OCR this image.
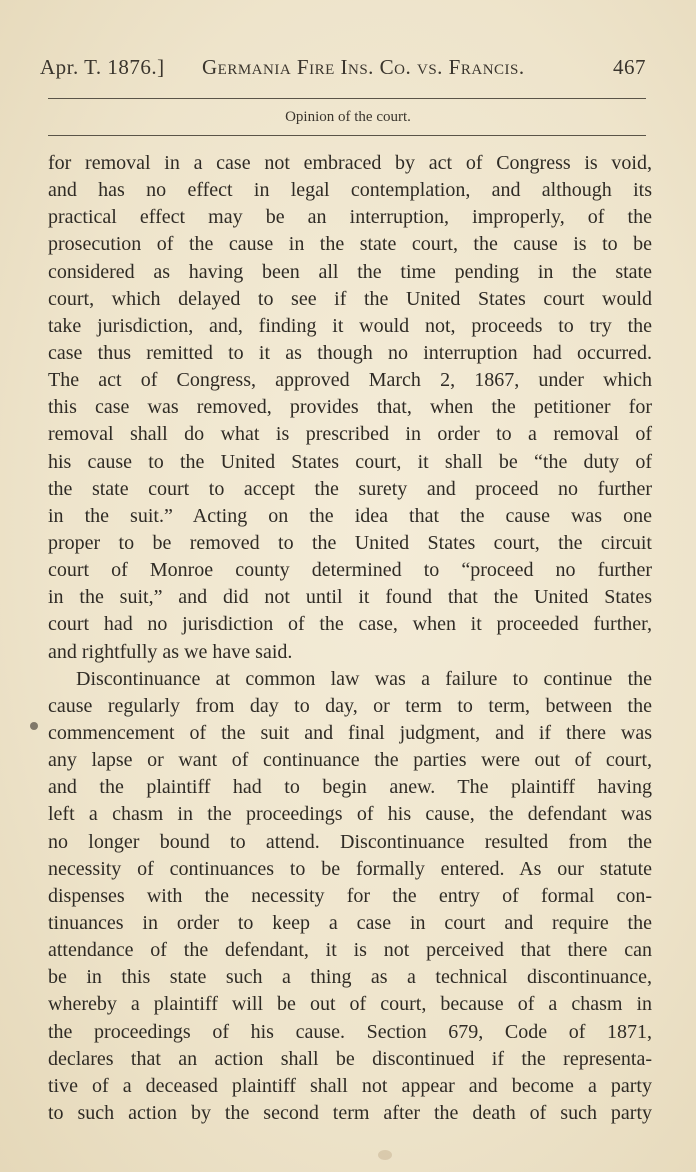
Apr. T. 1876.] Germania Fire Ins. Co. vs. Francis.	467
Opinion of the court.
for removal in a case not embraced by act of Congress is void,
and has no effect in legal contemplation, and although its
practical effect may be an interruption, improperly, of the
prosecution of the cause in the state court, the cause is to be
considered as having been all the time pending in the state
court, which delayed to see if the United States court would
take jurisdiction, and, finding it would not, proceeds to try the
case thus remitted to it as though no interruption had occurred.
The act of Congress, approved March 2, 1867, under which
this case was removed, provides that, when the petitioner for
removal shall do what is prescribed in order to a removal of
his cause to the United States court, it shall be “the duty of
the state court to accept the surety and proceed no further
in the suit.” Acting on the idea that the cause was one
proper to be removed to the United States court, the circuit
court of Monroe county determined to “proceed no further
in the suit,” and did not until it found that the United States
court had no jurisdiction of the case, when it proceeded further,
and rightfully as we have said.
Discontinuance at common law was a failure to continue the
cause regularly from day to day, or term to term, between the
commencement of the suit and final judgment, and if there was
any lapse or want of continuance the parties were out of court,
and the plaintiff had to begin anew. The plaintiff having
left a chasm in the proceedings of his cause, the defendant was
no longer bound to attend. Discontinuance resulted from the
necessity of continuances to be formally entered. As our statute
dispenses with the necessity for the entry of formal con-
tinuances in order to keep a case in court and require the
attendance of the defendant, it is not perceived that there can
be in this state such a thing as a technical discontinuance,
whereby a plaintiff will be out of court, because of a chasm in
the proceedings of his cause. Section 679, Code of 1871,
declares that an action shall be discontinued if the representa-
tive of a deceased plaintiff shall not appear and become a party
to such action by the second term after the death of such party
